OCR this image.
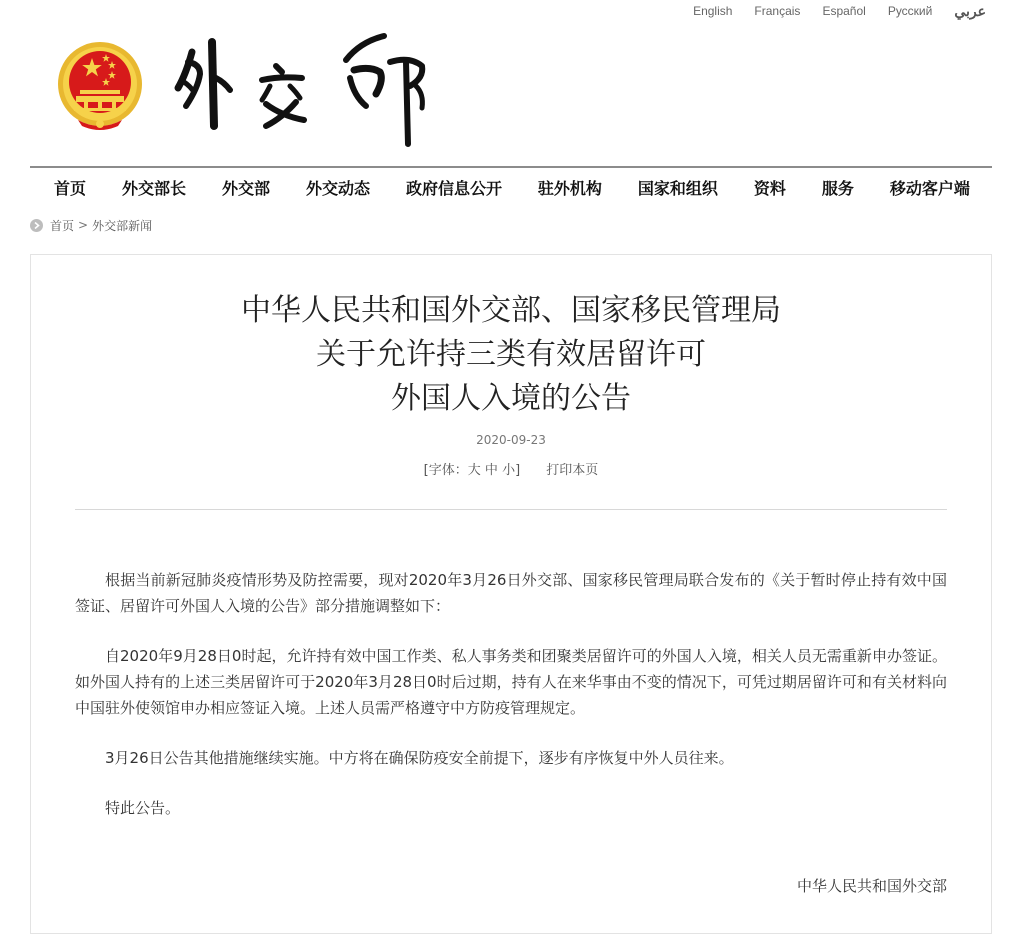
English Français Español Русский عربي
首页 外交部长 外交部 外交动态 政府信息公开 驻外机构 国家和组织 资料 服务 移动客户端
首页 > 外交部新闻
中华人民共和国外交部、国家移民管理局
关于允许持三类有效居留许可
外国人入境的公告
2020-09-23
[字体：大 中 小] 打印本页

根据当前新冠肺炎疫情形势及防控需要，现对2020年3月26日外交部、国家移民管理局联合发布的《关于暂时停止持有效中国签证、居留许可外国人入境的公告》部分措施调整如下：

自2020年9月28日0时起，允许持有效中国工作类、私人事务类和团聚类居留许可的外国人入境，相关人员无需重新申办签证。如外国人持有的上述三类居留许可于2020年3月28日0时后过期，持有人在来华事由不变的情况下，可凭过期居留许可和有关材料向中国驻外使领馆申办相应签证入境。上述人员需严格遵守中方防疫管理规定。

3月26日公告其他措施继续实施。中方将在确保防疫安全前提下，逐步有序恢复中外人员往来。

特此公告。

中华人民共和国外交部
